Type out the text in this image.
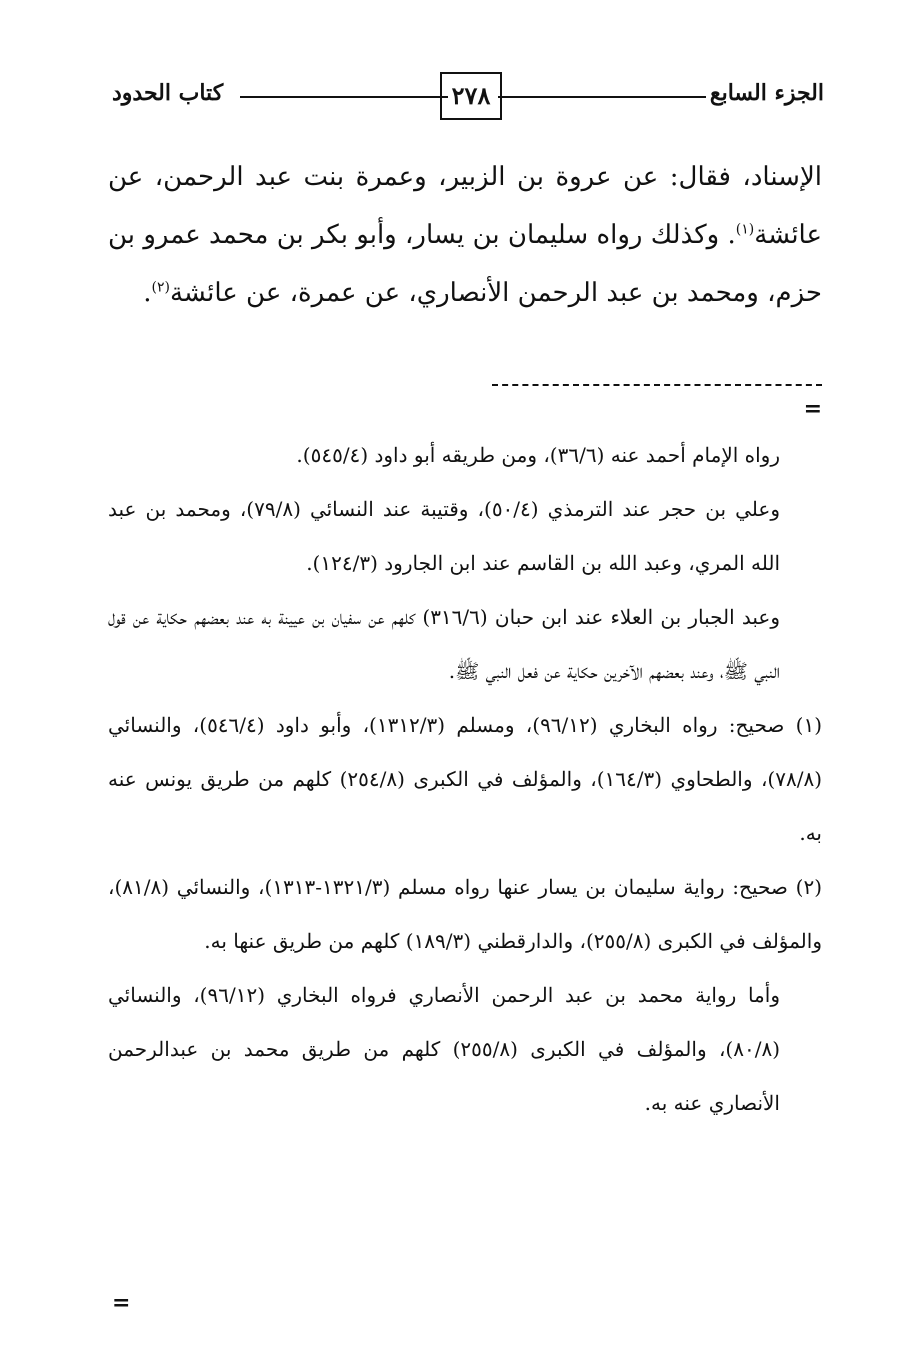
الجزء السابع
٢٧٨
كتاب الحدود

الإسناد، فقال: عن عروة بن الزبير، وعمرة بنت عبد الرحمن، عن عائشة$^{(١)}$. وكذلك رواه سليمان بن يسار، وأبو بكر بن محمد عمرو بن حزم، ومحمد بن عبد الرحمن الأنصاري، عن عمرة، عن عائشة$^{(٢)}$.

=

رواه الإمام أحمد عنه (٣٦/٦)، ومن طريقه أبو داود (٥٤٥/٤).

وعلي بن حجر عند الترمذي (٥٠/٤)، وقتيبة عند النسائي (٧٩/٨)، ومحمد بن عبد الله المري، وعبد الله بن القاسم عند ابن الجارود (١٢٤/٣).

وعبد الجبار بن العلاء عند ابن حبان (٣١٦/٦) كلهم عن سفيان بن عيينة به عند بعضهم حكاية عن قول النبي ﷺ، وعند بعضهم الآخرين حكاية عن فعل النبي ﷺ.

(١) صحيح: رواه البخاري (٩٦/١٢)، ومسلم (١٣١٢/٣)، وأبو داود (٥٤٦/٤)، والنسائي (٧٨/٨)، والطحاوي (١٦٤/٣)، والمؤلف في الكبرى (٢٥٤/٨) كلهم من طريق يونس عنه به.

(٢) صحيح: رواية سليمان بن يسار عنها رواه مسلم (١٣٢١/٣-١٣١٣)، والنسائي (٨١/٨)، والمؤلف في الكبرى (٢٥٥/٨)، والدارقطني (١٨٩/٣) كلهم من طريق عنها به.

وأما رواية محمد بن عبد الرحمن الأنصاري فرواه البخاري (٩٦/١٢)، والنسائي (٨٠/٨)، والمؤلف في الكبرى (٢٥٥/٨) كلهم من طريق محمد بن عبدالرحمن الأنصاري عنه به.

=
